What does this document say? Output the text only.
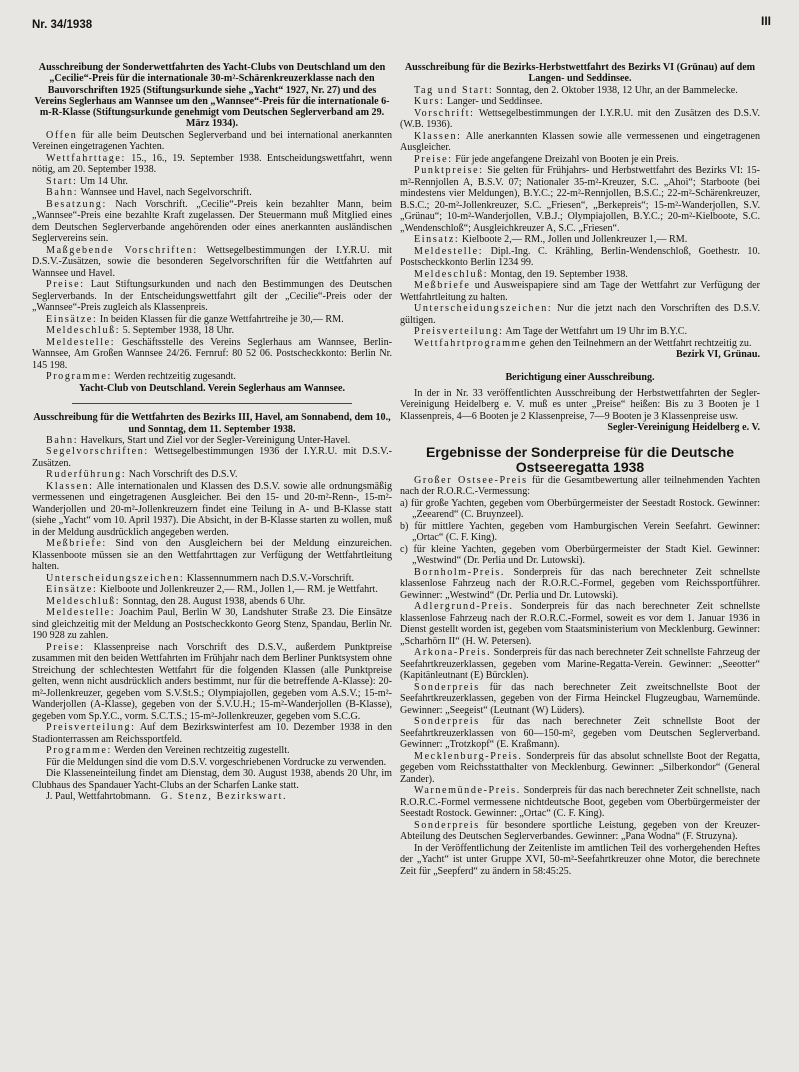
Nr. 34/1938	III

Ausschreibung der Sonderwettfahrten des Yacht-Clubs von Deutschland um den „Cecilie“-Preis für die internationale 30-m²-Schärenkreuzerklasse nach den Bauvorschriften 1925 (Stiftungsurkunde siehe „Yacht“ 1927, Nr. 27) und des Vereins Seglerhaus am Wannsee um den „Wannsee“-Preis für die internationale 6-m-R-Klasse (Stiftungsurkunde genehmigt vom Deutschen Seglerverband am 29. März 1934).

Offen für alle beim Deutschen Seglerverband und bei international anerkannten Vereinen eingetragenen Yachten.

Wettfahrttage: 15., 16., 19. September 1938. Entscheidungswettfahrt, wenn nötig, am 20. September 1938.

Start: Um 14 Uhr.

Bahn: Wannsee und Havel, nach Segelvorschrift.

Besatzung: Nach Vorschrift. „Cecilie“-Preis kein bezahlter Mann, beim „Wannsee“-Preis eine bezahlte Kraft zugelassen. Der Steuermann muß Mitglied eines dem Deutschen Seglerverbande angehörenden oder eines anerkannten ausländischen Seglervereins sein.

Maßgebende Vorschriften: Wettsegelbestimmungen der I.Y.R.U. mit D.S.V.-Zusätzen, sowie die besonderen Segelvorschriften für die Wettfahrten auf Wannsee und Havel.

Preise: Laut Stiftungsurkunden und nach den Bestimmungen des Deutschen Seglerverbands. In der Entscheidungswettfahrt gilt der „Cecilie“-Preis oder der „Wannsee“-Preis zugleich als Klassenpreis.

Einsätze: In beiden Klassen für die ganze Wettfahrtreihe je 30,— RM.

Meldeschluß: 5. September 1938, 18 Uhr.

Meldestelle: Geschäftsstelle des Vereins Seglerhaus am Wannsee, Berlin-Wannsee, Am Großen Wannsee 24/26. Fernruf: 80 52 06. Postscheckkonto: Berlin Nr. 145 198.

Programme: Werden rechtzeitig zugesandt.

Yacht-Club von Deutschland. Verein Seglerhaus am Wannsee.

Ausschreibung für die Wettfahrten des Bezirks III, Havel, am Sonnabend, dem 10., und Sonntag, dem 11. September 1938.

Bahn: Havelkurs, Start und Ziel vor der Segler-Vereinigung Unter-Havel.

Segelvorschriften: Wettsegelbestimmungen 1936 der I.Y.R.U. mit D.S.V.-Zusätzen.

Ruderführung: Nach Vorschrift des D.S.V.

Klassen: Alle internationalen und Klassen des D.S.V. sowie alle ordnungsmäßig vermessenen und eingetragenen Ausgleicher. Bei den 15- und 20-m²-Renn-, 15-m²-Wanderjollen und 20-m²-Jollenkreuzern findet eine Teilung in A- und B-Klasse statt (siehe „Yacht“ vom 10. April 1937). Die Absicht, in der B-Klasse starten zu wollen, muß in der Meldung ausdrücklich angegeben werden.

Meßbriefe: Sind von den Ausgleichern bei der Meldung einzureichen. Klassenboote müssen sie an den Wettfahrttagen zur Verfügung der Wettfahrtleitung halten.

Unterscheidungszeichen: Klassennummern nach D.S.V.-Vorschrift.

Einsätze: Kielboote und Jollenkreuzer 2,— RM., Jollen 1,— RM. je Wettfahrt.

Meldeschluß: Sonntag, den 28. August 1938, abends 6 Uhr.

Meldestelle: Joachim Paul, Berlin W 30, Landshuter Straße 23. Die Einsätze sind gleichzeitig mit der Meldung an Postscheckkonto Georg Stenz, Spandau, Berlin Nr. 190 928 zu zahlen.

Preise: Klassenpreise nach Vorschrift des D.S.V., außerdem Punktpreise zusammen mit den beiden Wettfahrten im Frühjahr nach dem Berliner Punktsystem ohne Streichung der schlechtesten Wettfahrt für die folgenden Klassen (alle Punktpreise gelten, wenn nicht ausdrücklich anders bestimmt, nur für die betreffende A-Klasse): 20-m²-Jollenkreuzer, gegeben vom S.V.St.S.; Olympiajollen, gegeben vom A.S.V.; 15-m²-Wanderjollen (A-Klasse), gegeben von der S.V.U.H.; 15-m²-Wanderjollen (B-Klasse), gegeben vom Sp.Y.C., vorm. S.C.T.S.; 15-m²-Jollenkreuzer, gegeben vom S.C.G.

Preisverteilung: Auf dem Bezirkswinterfest am 10. Dezember 1938 in den Stadionterrassen am Reichssportfeld.

Programme: Werden den Vereinen rechtzeitig zugestellt.

Für die Meldungen sind die vom D.S.V. vorgeschriebenen Vordrucke zu verwenden.

Die Klasseneinteilung findet am Dienstag, dem 30. August 1938, abends 20 Uhr, im Clubhaus des Spandauer Yacht-Clubs an der Scharfen Lanke statt.

J. Paul, Wettfahrtobmann. G. Stenz, Bezirkswart.

Ausschreibung für die Bezirks-Herbstwettfahrt des Bezirks VI (Grünau) auf dem Langen- und Seddinsee.

Tag und Start: Sonntag, den 2. Oktober 1938, 12 Uhr, an der Bammelecke.

Kurs: Langer- und Seddinsee.

Vorschrift: Wettsegelbestimmungen der I.Y.R.U. mit den Zusätzen des D.S.V. (W.B. 1936).

Klassen: Alle anerkannten Klassen sowie alle vermessenen und eingetragenen Ausgleicher.

Preise: Für jede angefangene Dreizahl von Booten je ein Preis.

Punktpreise: Sie gelten für Frühjahrs- und Herbstwettfahrt des Bezirks VI: 15-m²-Rennjollen A, B.S.V. 07; Nationaler 35-m²-Kreuzer, S.C. „Ahoi“; Starboote (bei mindestens vier Meldungen), B.Y.C.; 22-m²-Rennjollen, B.S.C.; 22-m²-Schärenkreuzer, B.S.C.; 20-m²-Jollenkreuzer, S.C. „Friesen“, „Berkepreis“; 15-m²-Wanderjollen, S.V. „Grünau“; 10-m²-Wanderjollen, V.B.J.; Olympiajollen, B.Y.C.; 20-m²-Kielboote, S.C. „Wendenschloß“; Ausgleichkreuzer A, S.C. „Friesen“.

Einsatz: Kielboote 2,— RM., Jollen und Jollenkreuzer 1,— RM.

Meldestelle: Dipl.-Ing. C. Krähling, Berlin-Wendenschloß, Goethestr. 10. Postscheckkonto Berlin 1234 99.

Meldeschluß: Montag, den 19. September 1938.

Meßbriefe und Ausweispapiere sind am Tage der Wettfahrt zur Verfügung der Wettfahrtleitung zu halten.

Unterscheidungszeichen: Nur die jetzt nach den Vorschriften des D.S.V. gültigen.

Preisverteilung: Am Tage der Wettfahrt um 19 Uhr im B.Y.C.

Wettfahrtprogramme gehen den Teilnehmern an der Wettfahrt rechtzeitig zu.

Bezirk VI, Grünau.

Berichtigung einer Ausschreibung.

In der in Nr. 33 veröffentlichten Ausschreibung der Herbstwettfahrten der Segler-Vereinigung Heidelberg e. V. muß es unter „Preise“ heißen: Bis zu 3 Booten je 1 Klassenpreis, 4—6 Booten je 2 Klassenpreise, 7—9 Booten je 3 Klassenpreise usw.

Segler-Vereinigung Heidelberg e. V.

Ergebnisse der Sonderpreise für die Deutsche

Ostseeregatta 1938

Großer Ostsee-Preis für die Gesamtbewertung aller teilnehmenden Yachten nach der R.O.R.C.-Vermessung:

a) für große Yachten, gegeben vom Oberbürgermeister der Seestadt Rostock. Gewinner: „Zeearend“ (C. Bruynzeel).

b) für mittlere Yachten, gegeben vom Hamburgischen Verein Seefahrt. Gewinner: „Ortac“ (C. F. King).

c) für kleine Yachten, gegeben vom Oberbürgermeister der Stadt Kiel. Gewinner: „Westwind“ (Dr. Perlia und Dr. Lutowski).

Bornholm-Preis. Sonderpreis für das nach berechneter Zeit schnellste klassenlose Fahrzeug nach der R.O.R.C.-Formel, gegeben vom Reichssportführer. Gewinner: „Westwind“ (Dr. Perlia und Dr. Lutowski).

Adlergrund-Preis. Sonderpreis für das nach berechneter Zeit schnellste klassenlose Fahrzeug nach der R.O.R.C.-Formel, soweit es vor dem 1. Januar 1936 in Dienst gestellt worden ist, gegeben vom Staatsministerium von Mecklenburg. Gewinner: „Scharhörn II“ (H. W. Petersen).

Arkona-Preis. Sonderpreis für das nach berechneter Zeit schnellste Fahrzeug der Seefahrtkreuzerklassen, gegeben vom Marine-Regatta-Verein. Gewinner: „Seeotter“ (Kapitänleutnant (E) Bürcklen).

Sonderpreis für das nach berechneter Zeit zweitschnellste Boot der Seefahrtkreuzerklassen, gegeben von der Firma Heinckel Flugzeugbau, Warnemünde. Gewinner: „Seegeist“ (Leutnant (W) Lüders).

Sonderpreis für das nach berechneter Zeit schnellste Boot der Seefahrtkreuzerklassen von 60—150-m², gegeben vom Deutschen Seglerverband. Gewinner: „Trotzkopf“ (E. Kraßmann).

Mecklenburg-Preis. Sonderpreis für das absolut schnellste Boot der Regatta, gegeben vom Reichsstatthalter von Mecklenburg. Gewinner: „Silberkondor“ (General Zander).

Warnemünde-Preis. Sonderpreis für das nach berechneter Zeit schnellste, nach R.O.R.C.-Formel vermessene nichtdeutsche Boot, gegeben vom Oberbürgermeister der Seestadt Rostock. Gewinner: „Ortac“ (C. F. King).

Sonderpreis für besondere sportliche Leistung, gegeben von der Kreuzer-Abteilung des Deutschen Seglerverbandes. Gewinner: „Pana Wodna“ (F. Struzyna).

In der Veröffentlichung der Zeitenliste im amtlichen Teil des vorhergehenden Heftes der „Yacht“ ist unter Gruppe XVI, 50-m²-Seefahrtkreuzer ohne Motor, die berechnete Zeit für „Seepferd“ zu ändern in 58:45:25.
